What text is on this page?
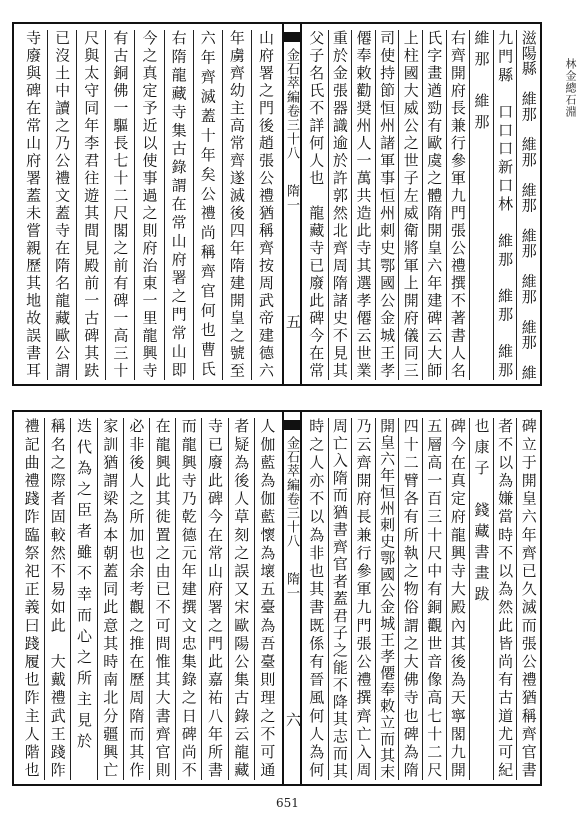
林金總石淵
山府署之門後趙張公禮猶稱齊按周武帝建德六
年虜齊幼主高常齊遂滅後四年隋建開皇之號至
六年齊滅蓋十年矣公禮尚稱齊官何也曹氏
右隋龍藏寺集古錄謂在常山府署之門常山即
今之真定予近以使事過之則府治東一里龍興寺
有古銅佛一驅長七十二尺閣之前有碑一高三十
尺與太守同年李君往遊其間見殿前一古碑其趺
已沒土中讀之乃公禮文蓋寺在隋名龍藏歐公謂
寺廢與碑在常山府署蓋未嘗親歷其地故誤書耳	金石萃編卷三十八
隋一
五	滋陽縣　維那　維那　維那　維那　維那　維那　維
九門縣　口口口新口林　維那　維那　維那
維那　維那
右齊開府長兼行參軍九門張公禮撰不著書人名
氏字畫遒勁有歐虞之體隋開皇六年建碑云大師
上柱國大威公之世子左威衛將軍上開府儀同三
司使持節恒州諸軍事恒州刺史鄂國公金城王孝
僊奉敕勸奨州人一萬共造此寺其選孝僊云世業
重於金張器識逾於許郭然北齊周隋諸史不見其
父子名氏不詳何人也　龍藏寺已廢此碑今在常
人伽藍為伽藍懷為壞五臺為吾臺則理之不可通
者疑為後人草刻之誤又宋歐陽公集古錄云龍藏
寺已廢此碑今在常山府署之門此嘉祐八年所書
而龍興寺乃乾德元年建撰文忠集錄之日碑尚不
在龍興此其徙置之由已不可問惟其大書齊官則
必非後人之所加也余考觀之推在歷周隋而其作
家訓猶謂梁為本朝蓋同此意其時南北分疆興亡
迭代為之臣者雖不幸而心之所主見於
稱名之際者固較然不易如此　大戴禮武王踐阼
禮記曲禮踐阼臨祭祀正義曰踐履也阼主人階也	金石萃編卷三十八
隋一
六	碑立于開皇六年齊已久滅而張公禮猶稱齊官書
者不以為嫌當時不以為然此皆尚有古道尤可紀
也康子　錢藏書畫跋
碑今在真定府龍興寺大殿內其後為天寧閣九開
五層高一百三十尺中有銅觀世音像高七十二尺
四十二臂各有所執之物俗謂之大佛寺也碑為隋
開皇六年恒州刺史鄂國公金城王孝僊奉敕立而其末
乃云齊開府長兼行參軍九門張公禮撰齊亡入周
周亡入隋而猶書齊官者蓋君子之能不降其志而其
時之人亦不以為非也其書既係有晉風何人為何
651
